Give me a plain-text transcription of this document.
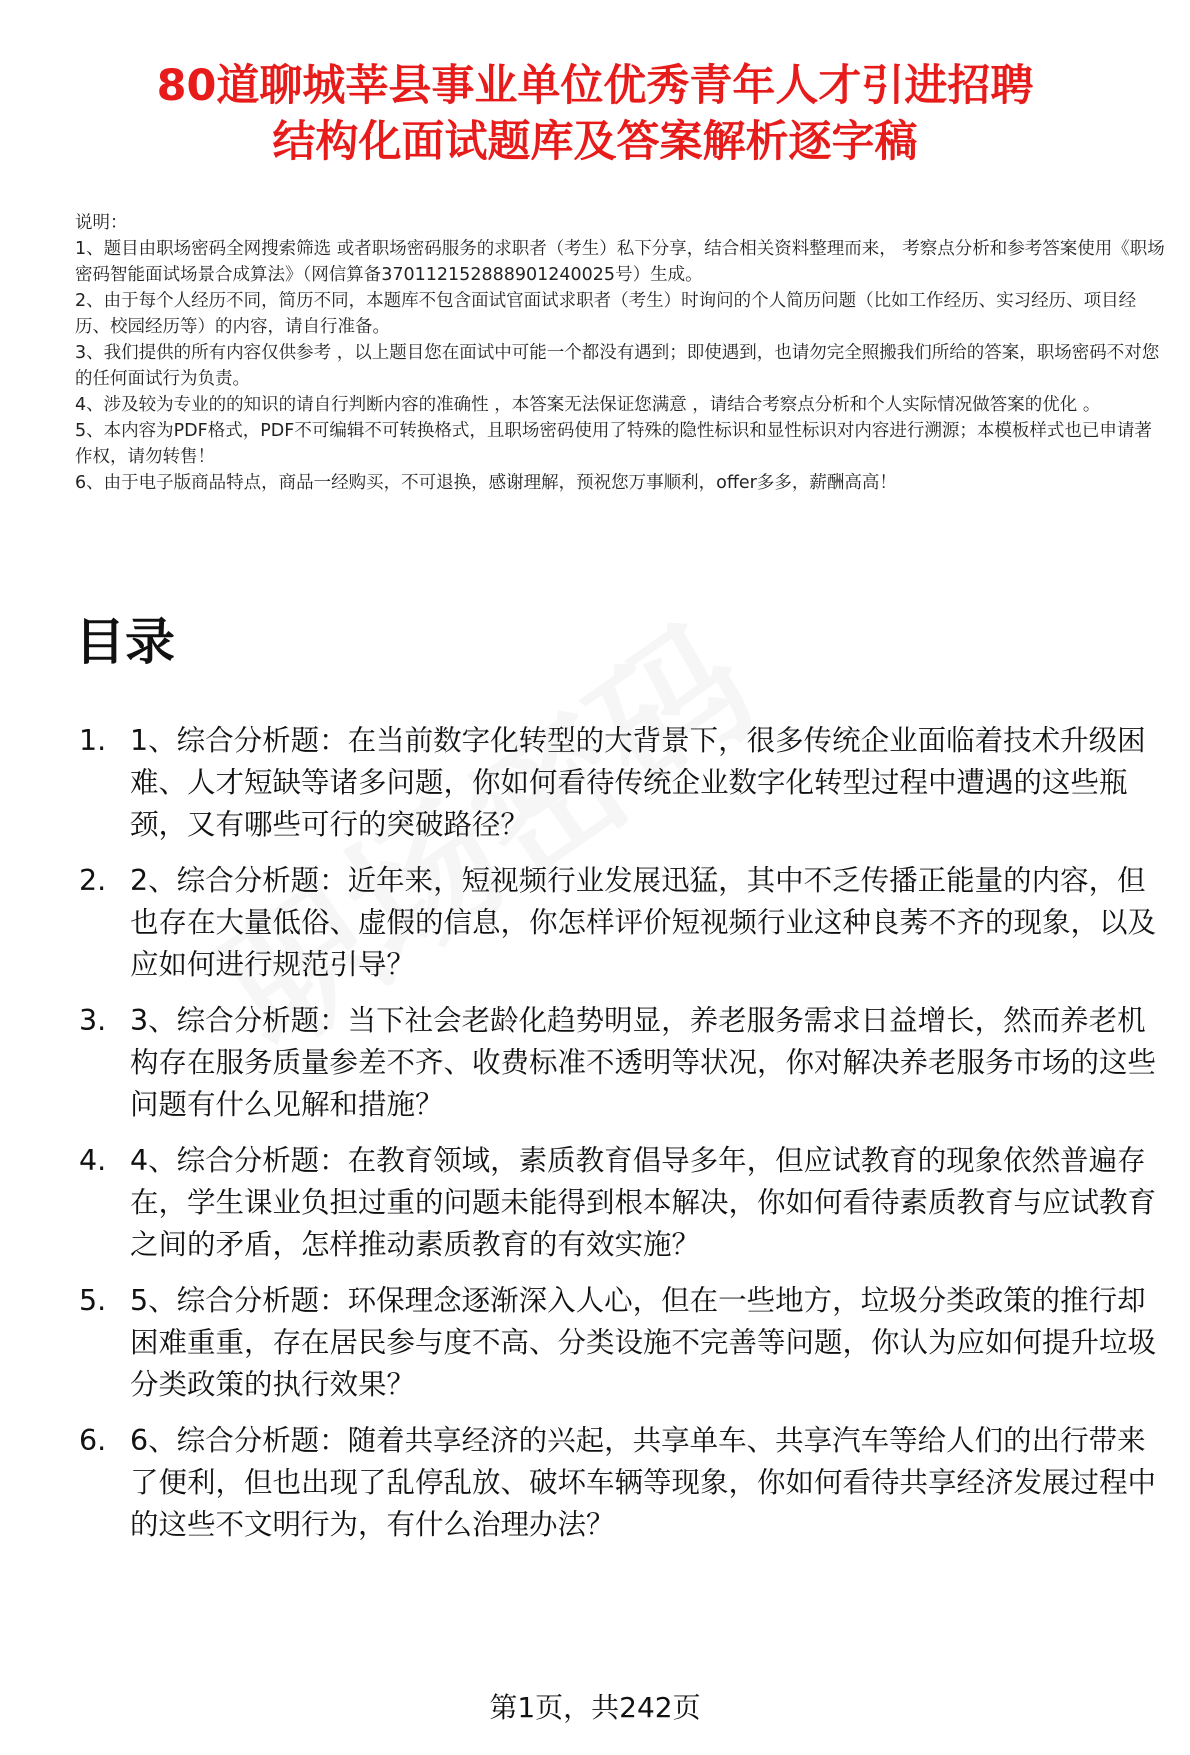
80道聊城莘县事业单位优秀青年人才引进招聘
结构化面试题库及答案解析逐字稿

说明：

1、题目由职场密码全网搜索筛选 或者职场密码服务的求职者（考生）私下分享，结合相关资料整理而来， 考察点分析和参考答案使用《职场密码智能面试场景合成算法》（网信算备370112152888901240025号）生成。

2、由于每个人经历不同，简历不同，本题库不包含面试官面试求职者（考生）时询问的个人简历问题（比如工作经历、实习经历、项目经历、校园经历等）的内容，请自行准备。

3、我们提供的所有内容仅供参考 ，以上题目您在面试中可能一个都没有遇到；即使遇到，也请勿完全照搬我们所给的答案，职场密码不对您的任何面试行为负责。

4、涉及较为专业的的知识的请自行判断内容的准确性 ，本答案无法保证您满意 ，请结合考察点分析和个人实际情况做答案的优化 。

5、本内容为PDF格式，PDF不可编辑不可转换格式，且职场密码使用了特殊的隐性标识和显性标识对内容进行溯源；本模板样式也已申请著作权，请勿转售！

6、由于电子版商品特点，商品一经购买，不可退换，感谢理解，预祝您万事顺利，offer多多，薪酬高高！

目录
1. 1、综合分析题：在当前数字化转型的大背景下，很多传统企业面临着技术升级困难、人才短缺等诸多问题，你如何看待传统企业数字化转型过程中遭遇的这些瓶颈，又有哪些可行的突破路径？
2. 2、综合分析题：近年来，短视频行业发展迅猛，其中不乏传播正能量的内容，但也存在大量低俗、虚假的信息，你怎样评价短视频行业这种良莠不齐的现象，以及应如何进行规范引导？
3. 3、综合分析题：当下社会老龄化趋势明显，养老服务需求日益增长，然而养老机构存在服务质量参差不齐、收费标准不透明等状况，你对解决养老服务市场的这些问题有什么见解和措施？
4. 4、综合分析题：在教育领域，素质教育倡导多年，但应试教育的现象依然普遍存在，学生课业负担过重的问题未能得到根本解决，你如何看待素质教育与应试教育之间的矛盾，怎样推动素质教育的有效实施？
5. 5、综合分析题：环保理念逐渐深入人心，但在一些地方，垃圾分类政策的推行却困难重重，存在居民参与度不高、分类设施不完善等问题，你认为应如何提升垃圾分类政策的执行效果？
6. 6、综合分析题：随着共享经济的兴起，共享单车、共享汽车等给人们的出行带来了便利，但也出现了乱停乱放、破坏车辆等现象，你如何看待共享经济发展过程中的这些不文明行为，有什么治理办法？
第1页，共242页
